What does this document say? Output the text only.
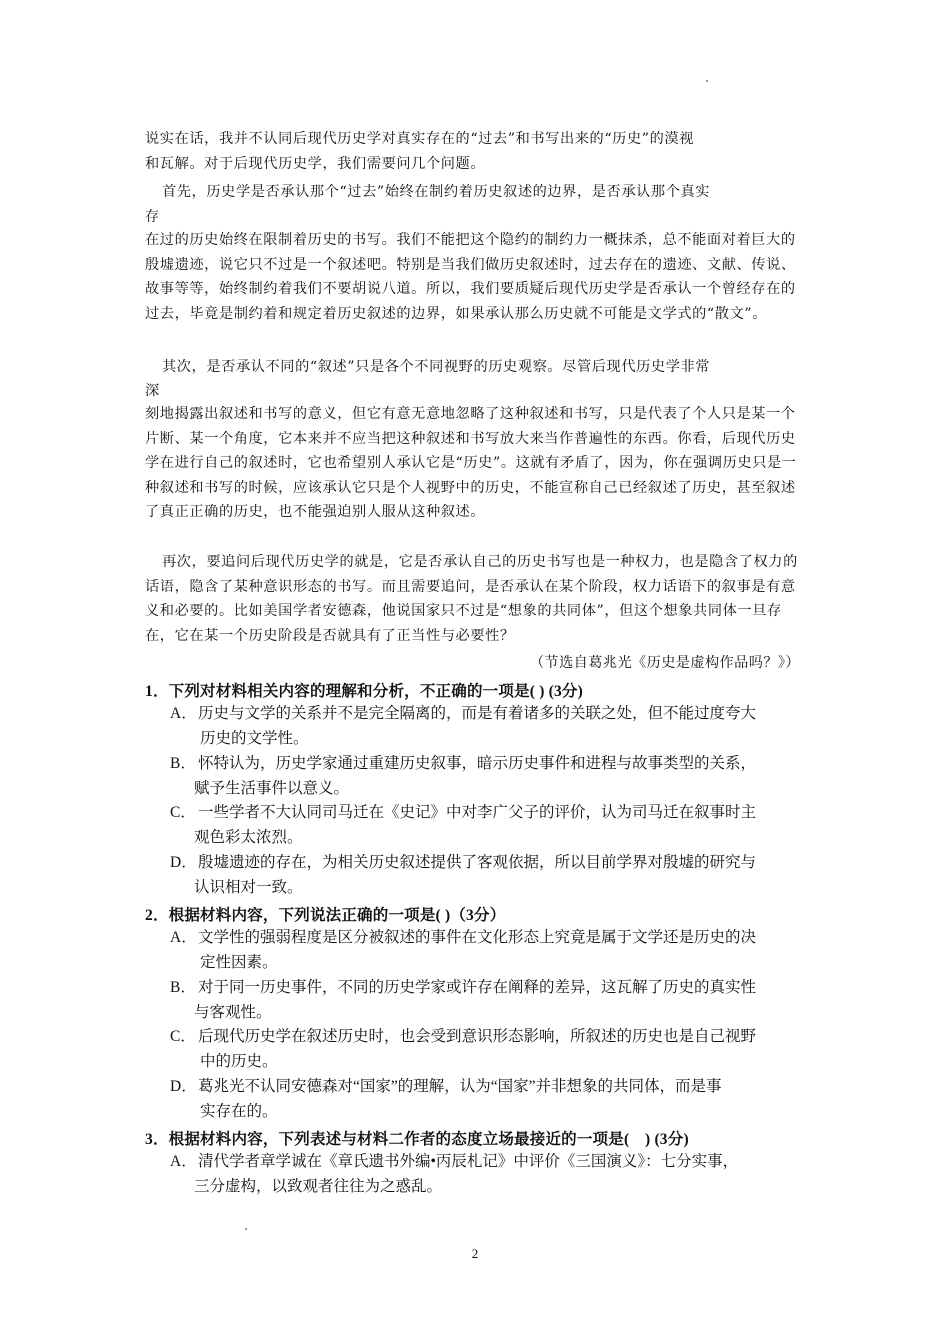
说实在话，我并不认同后现代历史学对真实存在的“过去”和书写出来的“历史”的漠视
和瓦解。对于后现代历史学，我们需要问几个问题。
首先，历史学是否承认那个“过去”始终在制约着历史叙述的边界，是否承认那个真实
存
在过的历史始终在限制着历史的书写。我们不能把这个隐约的制约力一概抹杀，总不能面对着巨大的殷墟遗迹，说它只不过是一个叙述吧。特别是当我们做历史叙述时，过去存在的遗迹、文献、传说、故事等等，始终制约着我们不要胡说八道。所以，我们要质疑后现代历史学是否承认一个曾经存在的过去，毕竟是制约着和规定着历史叙述的边界，如果承认那么历史就不可能是文学式的“散文”。
其次，是否承认不同的“叙述”只是各个不同视野的历史观察。尽管后现代历史学非常
深
刻地揭露出叙述和书写的意义，但它有意无意地忽略了这种叙述和书写，只是代表了个人只是某一个片断、某一个角度，它本来并不应当把这种叙述和书写放大来当作普遍性的东西。你看，后现代历史学在进行自己的叙述时，它也希望别人承认它是“历史”。这就有矛盾了，因为，你在强调历史只是一种叙述和书写的时候，应该承认它只是个人视野中的历史，不能宣称自己已经叙述了历史，甚至叙述了真正正确的历史，也不能强迫别人服从这种叙述。
再次，要追问后现代历史学的就是，它是否承认自己的历史书写也是一种权力，也是隐含了权力的话语，隐含了某种意识形态的书写。而且需要追问，是否承认在某个阶段，权力话语下的叙事是有意义和必要的。比如美国学者安德森，他说国家只不过是“想象的共同体”，但这个想象共同体一旦存在，它在某一个历史阶段是否就具有了正当性与必要性？
（节选自葛兆光《历史是虚构作品吗？》）
1．下列对材料相关内容的理解和分析，不正确的一项是( ) (3分)
A．历史与文学的关系并不是完全隔离的，而是有着诸多的关联之处，但不能过度夸大
历史的文学性。
B． 怀特认为，历史学家通过重建历史叙事，暗示历史事件和进程与故事类型的关系，
赋予生活事件以意义。
C． 一些学者不大认同司马迁在《史记》中对李广父子的评价，认为司马迁在叙事时主
观色彩太浓烈。
D．殷墟遗迹的存在，为相关历史叙述提供了客观依据，所以目前学界对殷墟的研究与
认识相对一致。
2．根据材料内容，下列说法正确的一项是( )（3分）
A．文学性的强弱程度是区分被叙述的事件在文化形态上究竟是属于文学还是历史的决
定性因素。
B． 对于同一历史事件，不同的历史学家或许存在阐释的差异，这瓦解了历史的真实性
与客观性。
C． 后现代历史学在叙述历史时，也会受到意识形态影响，所叙述的历史也是自己视野
中的历史。
D．葛兆光不认同安德森对“国家”的理解，认为“国家”并非想象的共同体，而是事
实存在的。
3．根据材料内容，下列表述与材料二作者的态度立场最接近的一项是(　) (3分)
A．清代学者章学诚在《章氏遗书外编•丙辰札记》中评价《三国演义》：七分实事，
三分虚构，以致观者往往为之惑乱。
2
